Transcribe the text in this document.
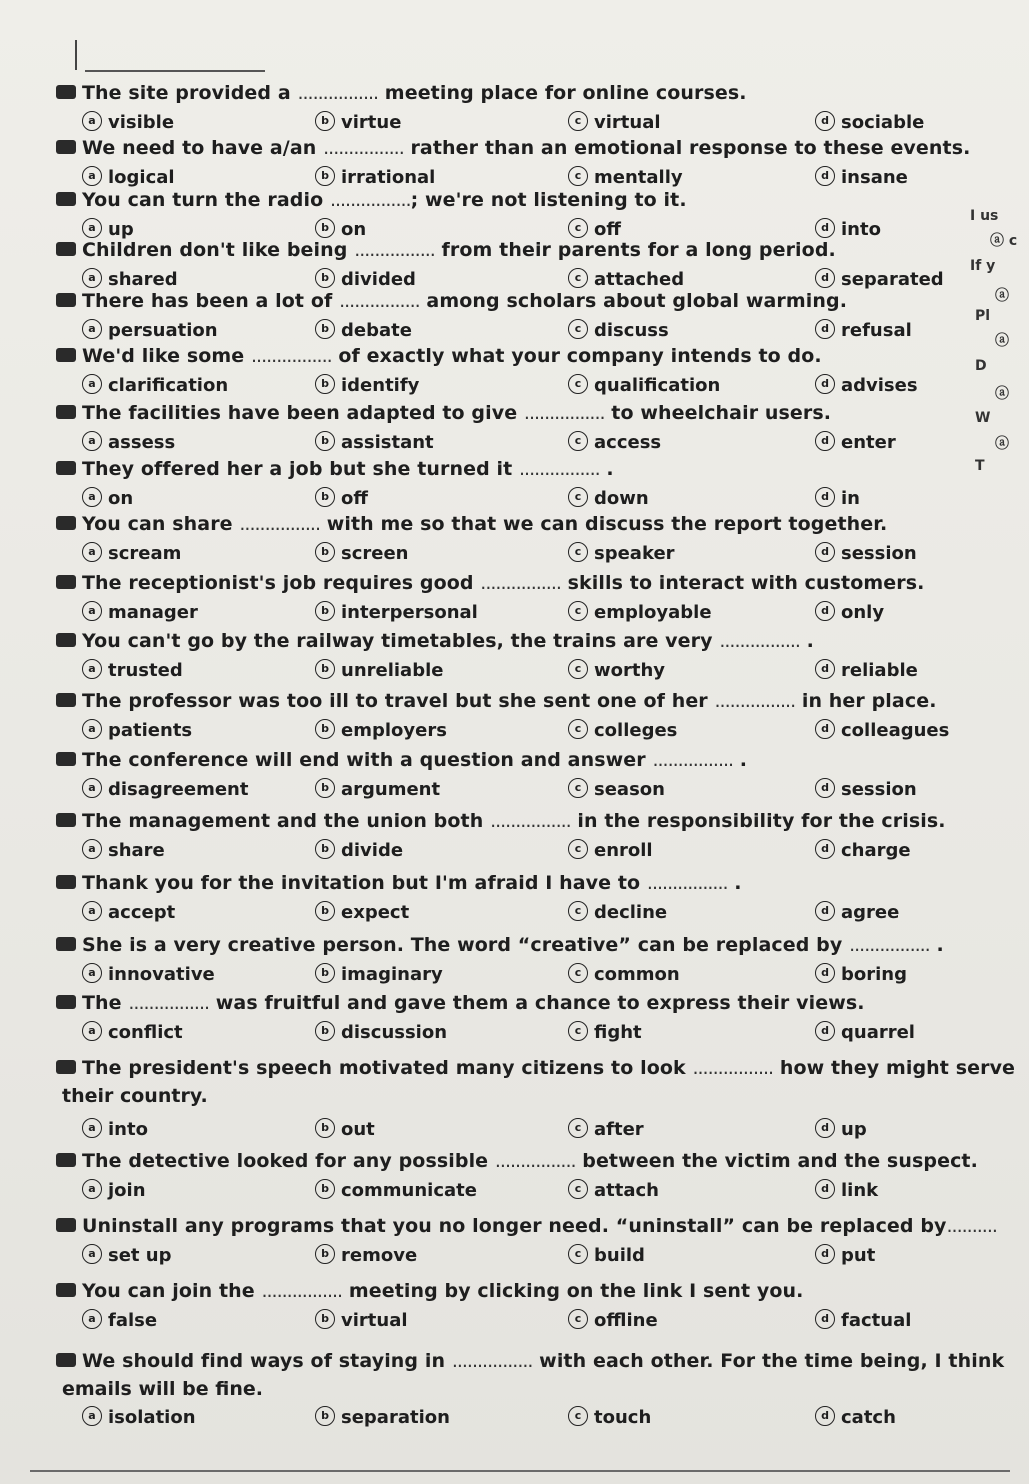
The site provided a ................ meeting place for online courses.
a visible	b virtue	c virtual	d sociable
We need to have a/an ................ rather than an emotional response to these events.
a logical	b irrational	c mentally	d insane
You can turn the radio ................; we're not listening to it.
a up	b on	c off	d into
Children don't like being ................ from their parents for a long period.
a shared	b divided	c attached	d separated
There has been a lot of ................ among scholars about global warming.
a persuation	b debate	c discuss	d refusal
We'd like some ................ of exactly what your company intends to do.
a clarification	b identify	c qualification	d advises
The facilities have been adapted to give ................ to wheelchair users.
a assess	b assistant	c access	d enter
They offered her a job but she turned it ................ .
a on	b off	c down	d in
You can share ................ with me so that we can discuss the report together.
a scream	b screen	c speaker	d session
The receptionist's job requires good ................ skills to interact with customers.
a manager	b interpersonal	c employable	d only
You can't go by the railway timetables, the trains are very ................ .
a trusted	b unreliable	c worthy	d reliable
The professor was too ill to travel but she sent one of her ................ in her place.
a patients	b employers	c colleges	d colleagues
The conference will end with a question and answer ................ .
a disagreement	b argument	c season	d session
The management and the union both ................ in the responsibility for the crisis.
a share	b divide	c enroll	d charge
Thank you for the invitation but I'm afraid I have to ................ .
a accept	b expect	c decline	d agree
She is a very creative person. The word “creative” can be replaced by ................ .
a innovative	b imaginary	c common	d boring
The ................ was fruitful and gave them a chance to express their views.
a conflict	b discussion	c fight	d quarrel
The president's speech motivated many citizens to look ................ how they might serve
their country.
a into	b out	c after	d up
The detective looked for any possible ................ between the victim and the suspect.
a join	b communicate	c attach	d link
Uninstall any programs that you no longer need. “uninstall” can be replaced by..........
a set up	b remove	c build	d put
You can join the ................ meeting by clicking on the link I sent you.
a false	b virtual	c offline	d factual
We should find ways of staying in ................ with each other. For the time being, I think
emails will be fine.
a isolation	b separation	c touch	d catch
I us
ⓐ c
If y
ⓐ
Pl
ⓐ
D
ⓐ
W
ⓐ
T
